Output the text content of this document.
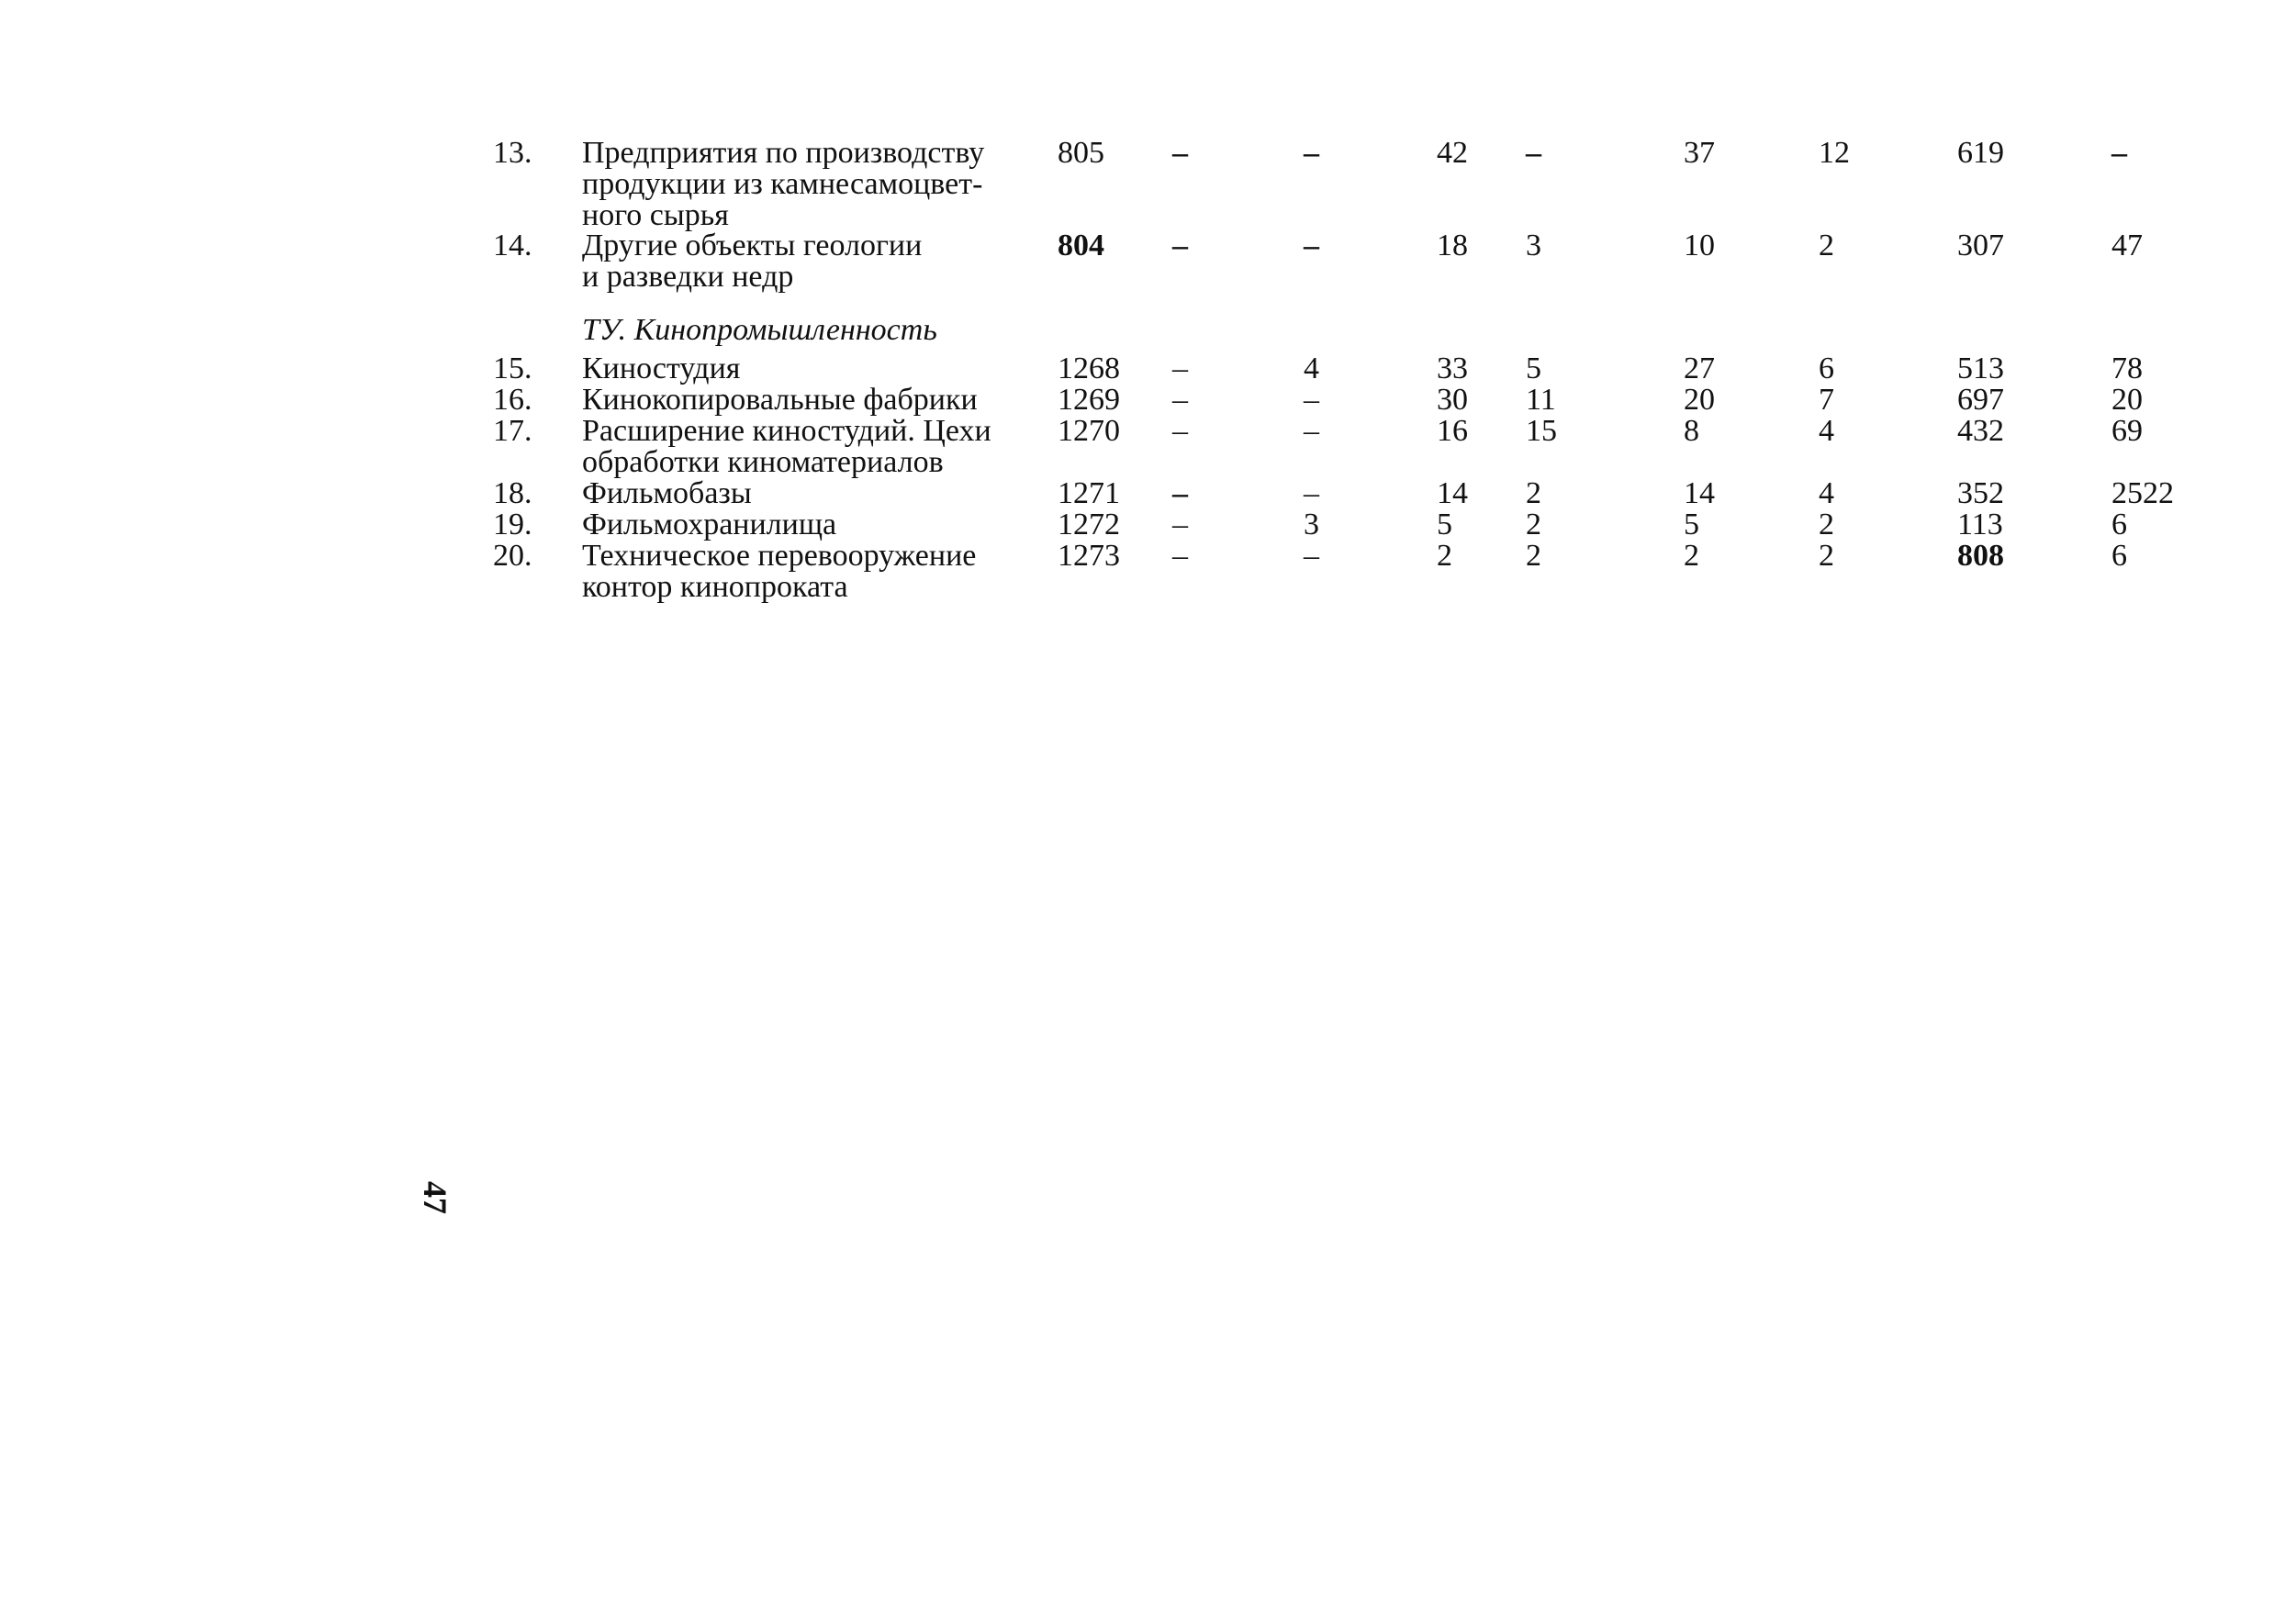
13. Предприятия по производству
продукции из камнесамоцвет-
ного сырья
805 –	–	42 –	37	12	619	–
14. Другие объекты геологии
и разведки недр
804 –	–	18 3	10	2	307	47
ТУ. Кинопромышленность
15. Киностудия	1268 –	4	33 5	27	6	513	78
16. Кинокопировальные фабрики	1269 –	–	30 11	20	7	697	20
17. Расширение киностудий. Цехи
обработки киноматериалов
1270 –	–	16 15	8	4	432	69
18. Фильмобазы	1271 –	–	14 2	14	4	352	2522
19. Фильмохранилища	1272 –	3	5 2	5	2	113	6
20. Техническое перевооружение
контор кинопроката
1273 –	–	2 2	2	2	808	6
47
